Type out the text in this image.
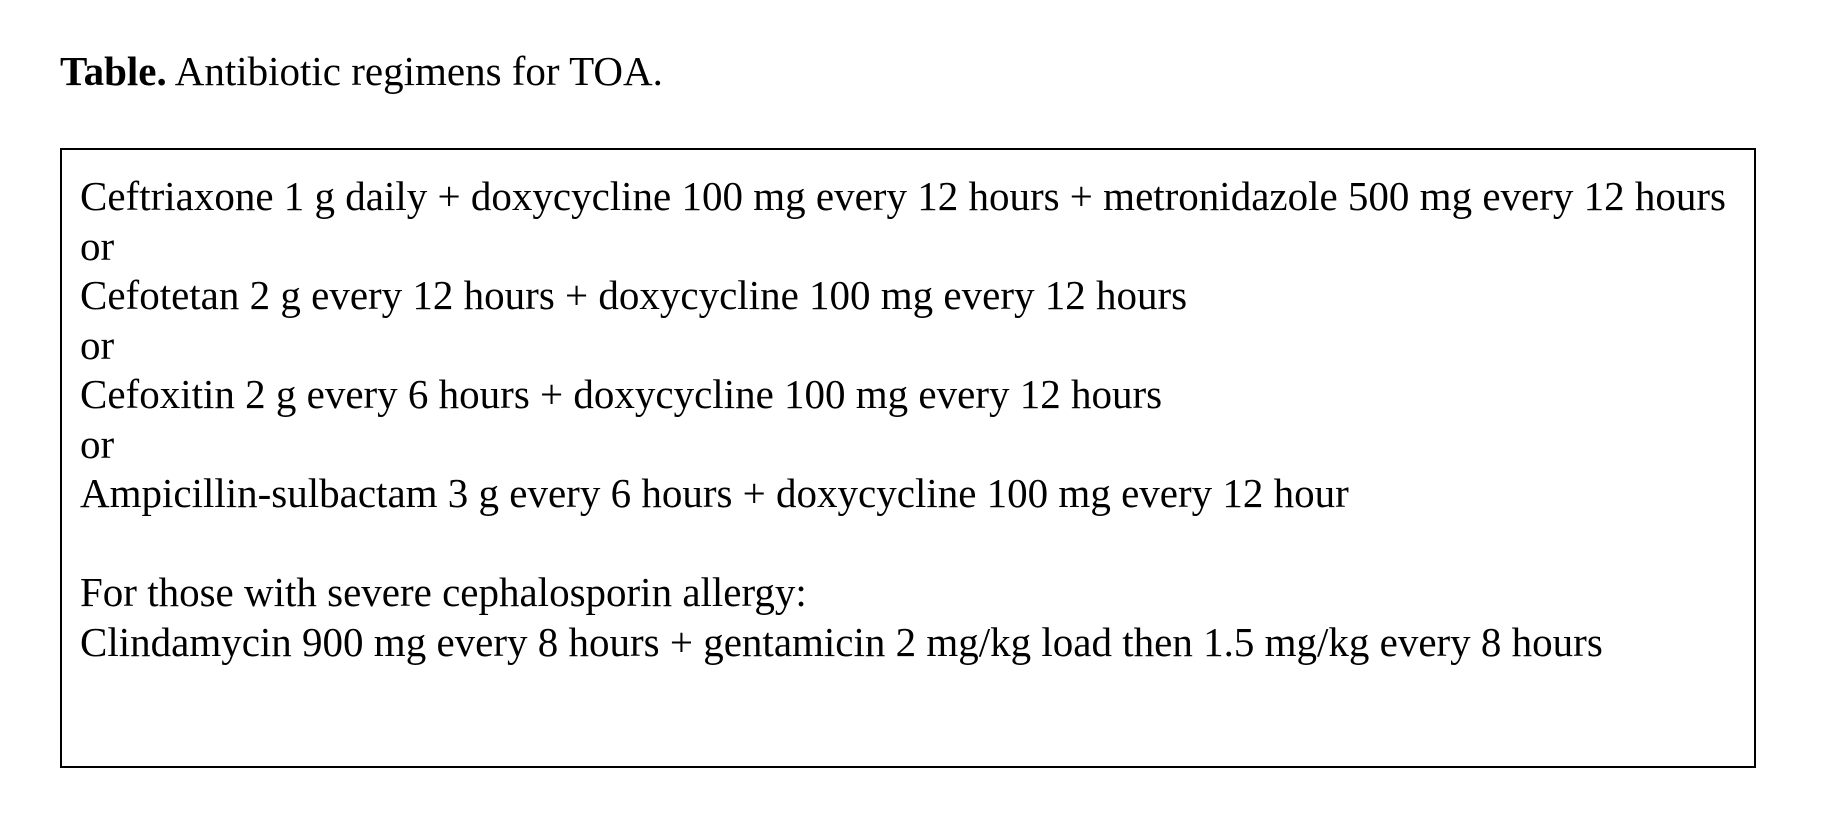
Table. Antibiotic regimens for TOA.
Ceftriaxone 1 g daily + doxycycline 100 mg every 12 hours + metronidazole 500 mg every 12 hours
or
Cefotetan 2 g every 12 hours + doxycycline 100 mg every 12 hours
or
Cefoxitin 2 g every 6 hours + doxycycline 100 mg every 12 hours
or
Ampicillin-sulbactam 3 g every 6 hours + doxycycline 100 mg every 12 hour
For those with severe cephalosporin allergy:
Clindamycin 900 mg every 8 hours + gentamicin 2 mg/kg load then 1.5 mg/kg every 8 hours
